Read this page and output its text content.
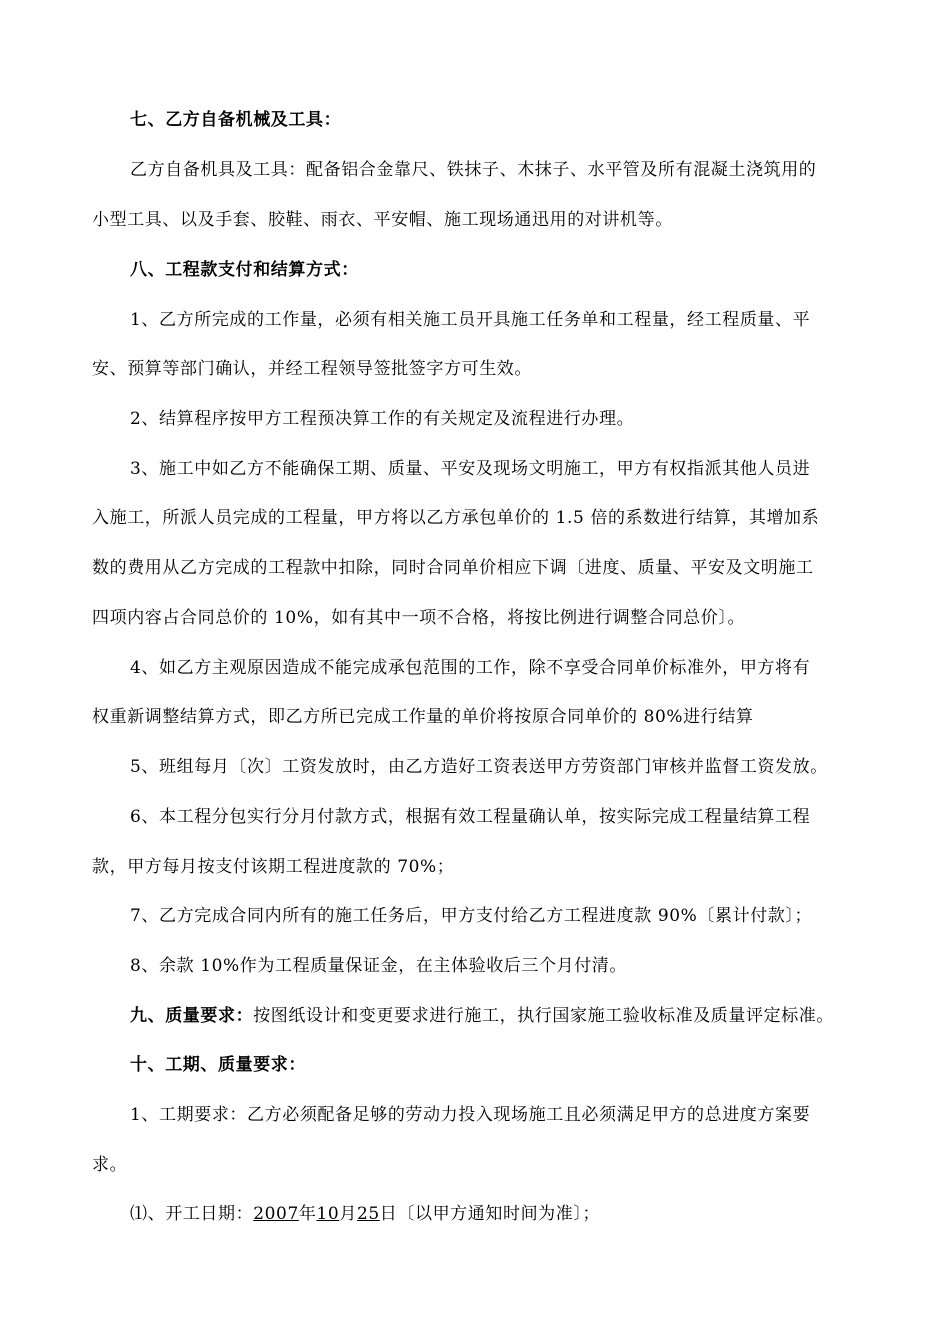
七、乙方自备机械及工具：
乙方自备机具及工具：配备铝合金靠尺、铁抹子、木抹子、水平管及所有混凝土浇筑用的
小型工具、以及手套、胶鞋、雨衣、平安帽、施工现场通迅用的对讲机等。
八、工程款支付和结算方式：
1、乙方所完成的工作量，必须有相关施工员开具施工任务单和工程量，经工程质量、平
安、预算等部门确认，并经工程领导签批签字方可生效。
2、结算程序按甲方工程预决算工作的有关规定及流程进行办理。
3、施工中如乙方不能确保工期、质量、平安及现场文明施工，甲方有权指派其他人员进
入施工，所派人员完成的工程量，甲方将以乙方承包单价的 1.5 倍的系数进行结算，其增加系
数的费用从乙方完成的工程款中扣除，同时合同单价相应下调〔进度、质量、平安及文明施工
四项内容占合同总价的 10%，如有其中一项不合格，将按比例进行调整合同总价〕。
4、如乙方主观原因造成不能完成承包范围的工作，除不享受合同单价标准外，甲方将有
权重新调整结算方式，即乙方所已完成工作量的单价将按原合同单价的 80%进行结算
5、班组每月〔次〕工资发放时，由乙方造好工资表送甲方劳资部门审核并监督工资发放。
6、本工程分包实行分月付款方式，根据有效工程量确认单，按实际完成工程量结算工程
款，甲方每月按支付该期工程进度款的 70%；
7、乙方完成合同内所有的施工任务后，甲方支付给乙方工程进度款 90%〔累计付款〕；
8、余款 10%作为工程质量保证金，在主体验收后三个月付清。
九、质量要求：按图纸设计和变更要求进行施工，执行国家施工验收标准及质量评定标准。
十、工期、质量要求：
1、工期要求：乙方必须配备足够的劳动力投入现场施工且必须满足甲方的总进度方案要
求。
⑴、开工日期：2007年10月25日〔以甲方通知时间为准〕；
